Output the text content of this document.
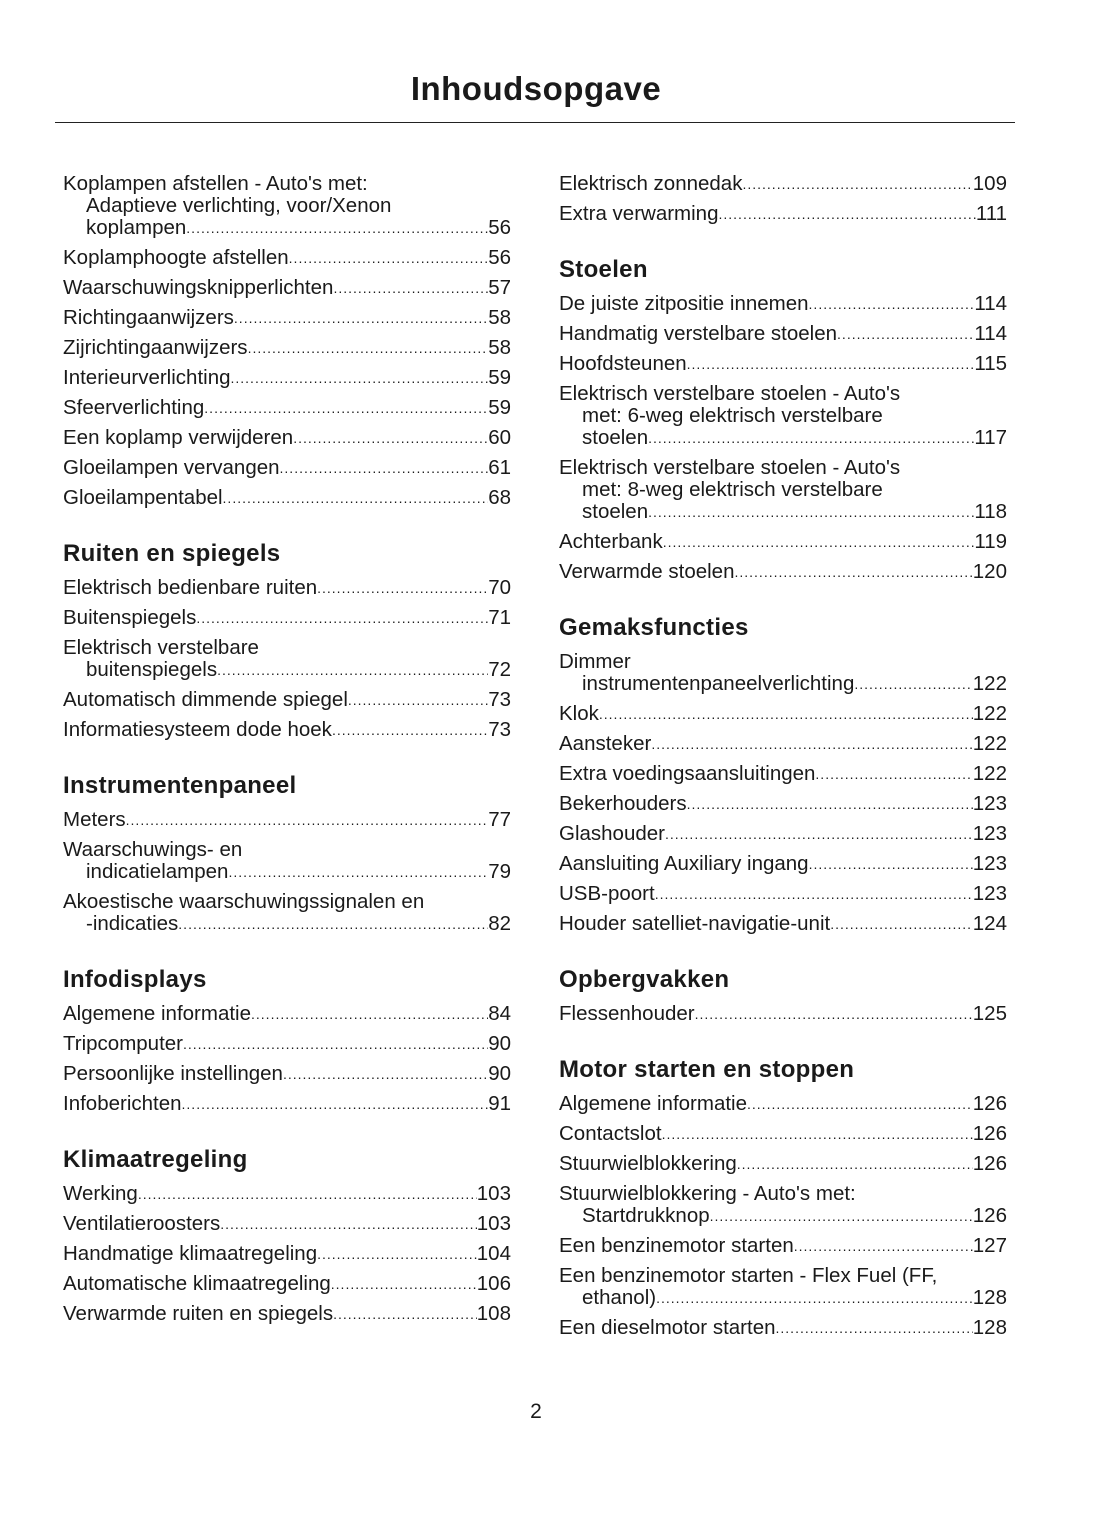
Inhoudsopgave
Koplampen afstellen - Auto's met:
Adaptieve verlichting, voor/Xenon
koplampen .....	56
Koplamphoogte afstellen .....	56
Waarschuwingsknipperlichten .....	57
Richtingaanwijzers .....	58
Zijrichtingaanwijzers .....	58
Interieurverlichting .....	59
Sfeerverlichting .....	59
Een koplamp verwijderen .....	60
Gloeilampen vervangen .....	61
Gloeilampentabel .....	68
Ruiten en spiegels
Elektrisch bedienbare ruiten .....	70
Buitenspiegels .....	71
Elektrisch verstelbare
buitenspiegels .....	72
Automatisch dimmende spiegel .....	73
Informatiesysteem dode hoek .....	73
Instrumentenpaneel
Meters .....	77
Waarschuwings- en
indicatielampen .....	79
Akoestische waarschuwingssignalen en
-indicaties .....	82
Infodisplays
Algemene informatie .....	84
Tripcomputer .....	90
Persoonlijke instellingen .....	90
Infoberichten .....	91
Klimaatregeling
Werking .....	103
Ventilatieroosters .....	103
Handmatige klimaatregeling .....	104
Automatische klimaatregeling .....	106
Verwarmde ruiten en spiegels .....	108
Elektrisch zonnedak .....	109
Extra verwarming .....	111
Stoelen
De juiste zitpositie innemen .....	114
Handmatig verstelbare stoelen .....	114
Hoofdsteunen .....	115
Elektrisch verstelbare stoelen - Auto's
met: 6-weg elektrisch verstelbare
stoelen .....	117
Elektrisch verstelbare stoelen - Auto's
met: 8-weg elektrisch verstelbare
stoelen .....	118
Achterbank .....	119
Verwarmde stoelen .....	120
Gemaksfuncties
Dimmer
instrumentenpaneelverlichting .....	122
Klok .....	122
Aansteker .....	122
Extra voedingsaansluitingen .....	122
Bekerhouders .....	123
Glashouder .....	123
Aansluiting Auxiliary ingang .....	123
USB-poort .....	123
Houder satelliet-navigatie-unit .....	124
Opbergvakken
Flessenhouder .....	125
Motor starten en stoppen
Algemene informatie .....	126
Contactslot .....	126
Stuurwielblokkering .....	126
Stuurwielblokkering - Auto's met:
Startdrukknop .....	126
Een benzinemotor starten .....	127
Een benzinemotor starten - Flex Fuel (FF,
ethanol) .....	128
Een dieselmotor starten .....	128
2
